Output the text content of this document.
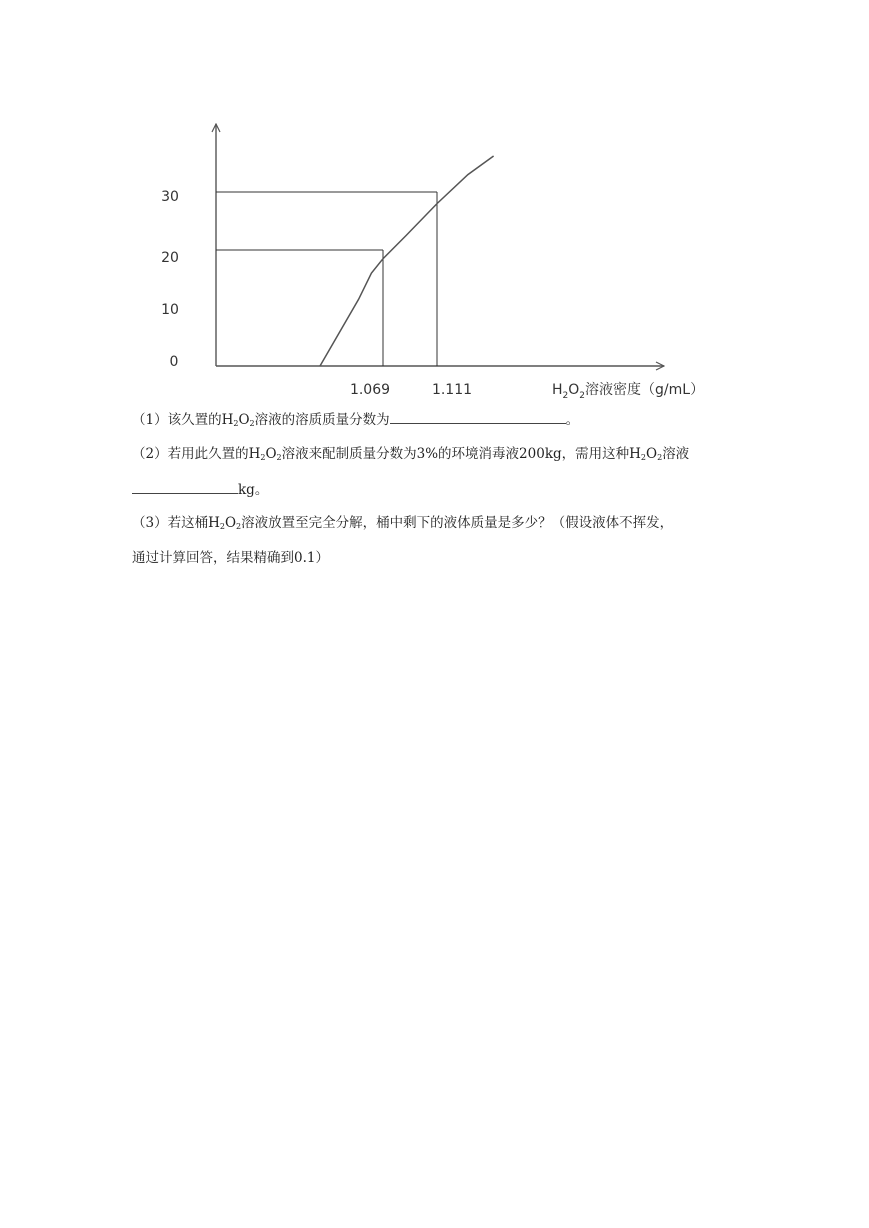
0
10
20
30
1.069	1.111	$H_2O_2$溶液密度（g/mL）
（1）该久置的$H_2O_2$溶液的溶质质量分数为	。
（2）若用此久置的$H_2O_2$溶液来配制质量分数为3%的环境消毒液200kg，需用这种$H_2O_2$溶液
kg。
（3）若这桶$H_2O_2$溶液放置至完全分解，桶中剩下的液体质量是多少？（假设液体不挥发，
通过计算回答，结果精确到0.1）
